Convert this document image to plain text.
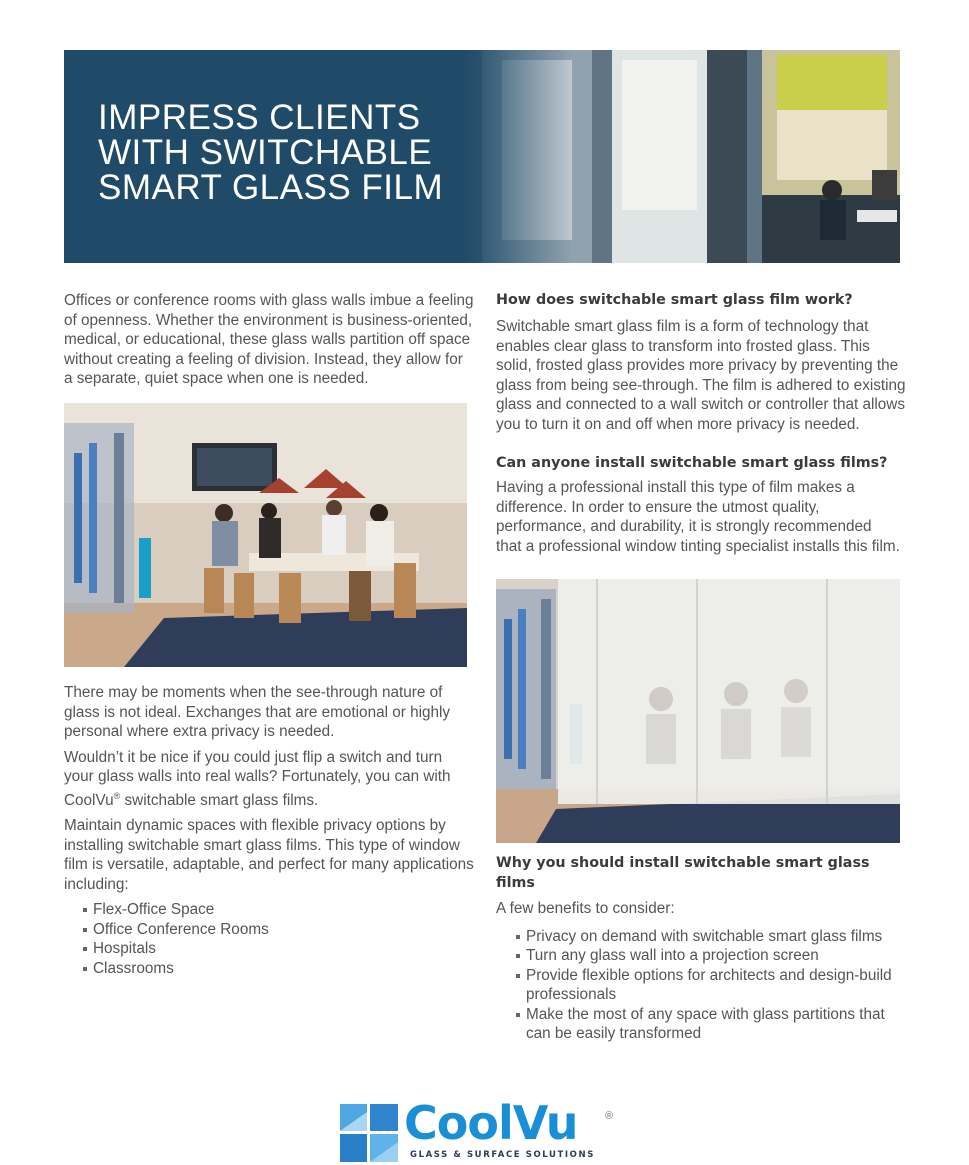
IMPRESS CLIENTS
WITH SWITCHABLE
SMART GLASS FILM

Offices or conference rooms with glass walls imbue a feeling of openness. Whether the environment is business-oriented, medical, or educational, these glass walls partition off space without creating a feeling of division. Instead, they allow for a separate, quiet space when one is needed.

There may be moments when the see-through nature of glass is not ideal. Exchanges that are emotional or highly personal where extra privacy is needed.

Wouldn’t it be nice if you could just flip a switch and turn your glass walls into real walls? Fortunately, you can with CoolVu® switchable smart glass films.

Maintain dynamic spaces with flexible privacy options by installing switchable smart glass films. This type of window film is versatile, adaptable, and perfect for many applications including:

Flex-Office Space
Office Conference Rooms
Hospitals
Classrooms
How does switchable smart glass film work?

Switchable smart glass film is a form of technology that enables clear glass to transform into frosted glass. This solid, frosted glass provides more privacy by preventing the glass from being see-through. The film is adhered to existing glass and connected to a wall switch or controller that allows you to turn it on and off when more privacy is needed.

Can anyone install switchable smart glass films?

Having a professional install this type of film makes a difference. In order to ensure the utmost quality, performance, and durability, it is strongly recommended that a professional window tinting specialist installs this film.

Why you should install switchable smart glass films

A few benefits to consider:

Privacy on demand with switchable smart glass films
Turn any glass wall into a projection screen
Provide flexible options for architects and design-build professionals
Make the most of any space with glass partitions that can be easily transformed
CoolVu	®
GLASS & SURFACE SOLUTIONS
